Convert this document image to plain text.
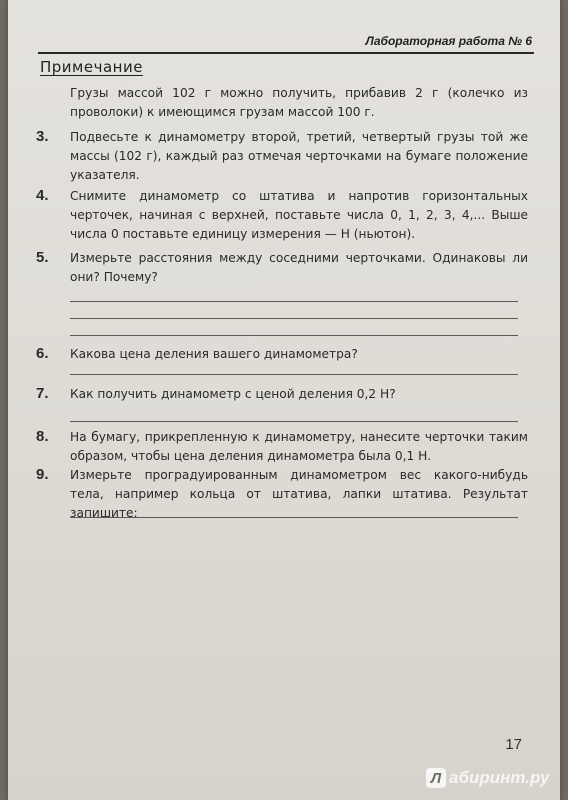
Лабораторная работа № 6
Примечание
Грузы массой 102 г можно получить, прибавив 2 г (колечко из проволоки) к имеющимся грузам массой 100 г.
3. Подвесьте к динамометру второй, третий, четвертый грузы той же массы (102 г), каждый раз отмечая черточками на бумаге положение указателя.
4. Снимите динамометр со штатива и напротив горизонтальных черточек, начиная с верхней, поставьте числа 0, 1, 2, 3, 4,... Выше числа 0 поставьте единицу измерения — Н (ньютон).
5. Измерьте расстояния между соседними черточками. Одинаковы ли они? Почему?
6. Какова цена деления вашего динамометра?
7. Как получить динамометр с ценой деления 0,2 Н?
8. На бумагу, прикрепленную к динамометру, нанесите черточки таким образом, чтобы цена деления динамометра была 0,1 Н.
9. Измерьте проградуированным динамометром вес какого-нибудь тела, например кольца от штатива, лапки штатива. Результат запишите:
17
Л абиринт.ру
